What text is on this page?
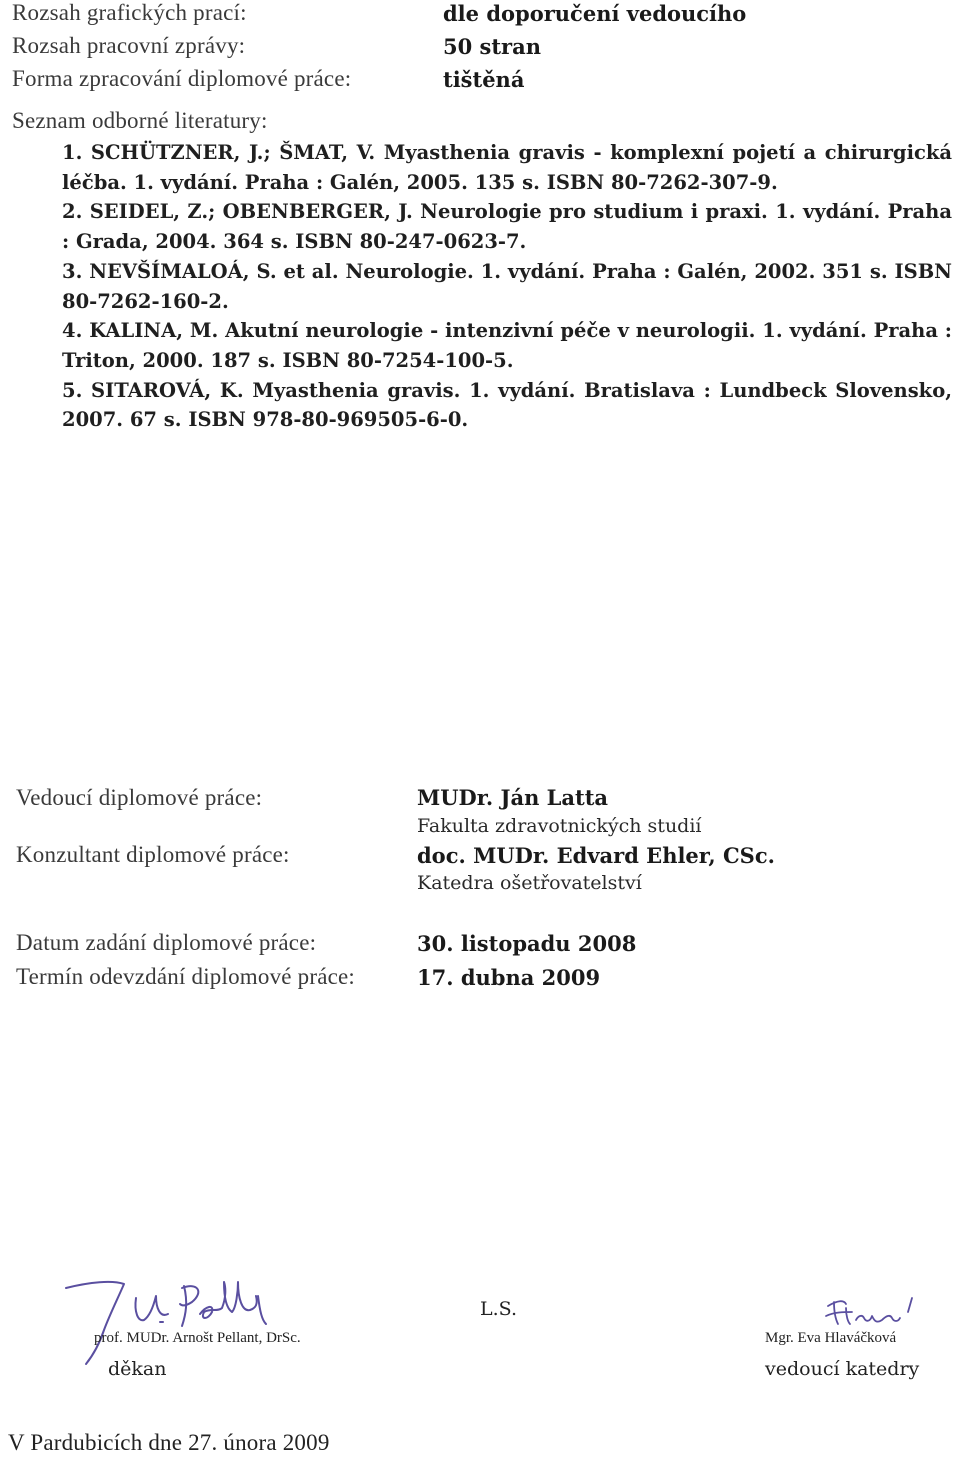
Rozsah grafických prací:	dle doporučení vedoucího
Rozsah pracovní zprávy:	50 stran
Forma zpracování diplomové práce:	tištěná
Seznam odborné literatury:
1. SCHÜTZNER, J.; ŠMAT, V. Myasthenia gravis - komplexní pojetí a chirurgická léčba. 1. vydání. Praha : Galén, 2005. 135 s. ISBN 80-7262-307-9.
2. SEIDEL, Z.; OBENBERGER, J. Neurologie pro studium i praxi. 1. vydání. Praha : Grada, 2004. 364 s. ISBN 80-247-0623-7.
3. NEVŠÍMALOÁ, S. et al. Neurologie. 1. vydání. Praha : Galén, 2002. 351 s. ISBN 80-7262-160-2.
4. KALINA, M. Akutní neurologie - intenzivní péče v neurologii. 1. vydání. Praha : Triton, 2000. 187 s. ISBN 80-7254-100-5.
5. SITAROVÁ, K. Myasthenia gravis. 1. vydání. Bratislava : Lundbeck Slovensko, 2007. 67 s. ISBN 978-80-969505-6-0.
Vedoucí diplomové práce:	MUDr. Ján Latta
Fakulta zdravotnických studií
Konzultant diplomové práce:	doc. MUDr. Edvard Ehler, CSc.
Katedra ošetřovatelství
Datum zadání diplomové práce:	30. listopadu 2008
Termín odevzdání diplomové práce:	17. dubna 2009
prof. MUDr. Arnošt Pellant, DrSc.
děkan
L.S.
Mgr. Eva Hlaváčková
vedoucí katedry
V Pardubicích dne 27. února 2009
